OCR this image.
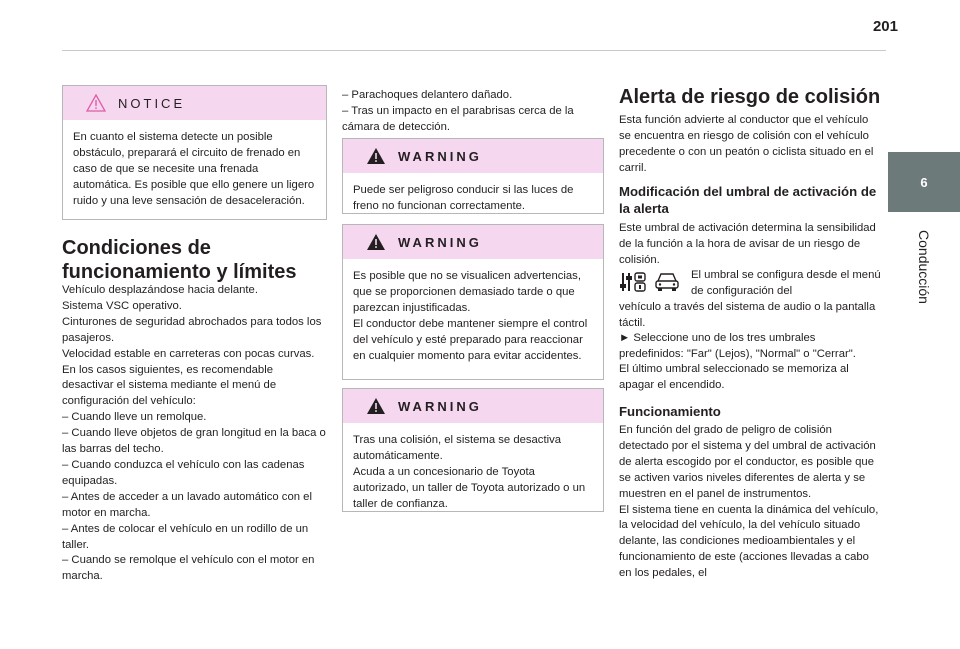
201
6
Conducción
NOTICE

En cuanto el sistema detecte un posible obstáculo, preparará el circuito de frenado en caso de que se necesite una frenada automática. Es posible que ello genere un ligero ruido y una leve sensación de desaceleración.

Condiciones de funcionamiento y límites

Vehículo desplazándose hacia delante.

Sistema VSC operativo.

Cinturones de seguridad abrochados para todos los pasajeros.

Velocidad estable en carreteras con pocas curvas.

En los casos siguientes, es recomendable desactivar el sistema mediante el menú de configuración del vehículo:

– Cuando lleve un remolque.

– Cuando lleve objetos de gran longitud en la baca o las barras del techo.

– Cuando conduzca el vehículo con las cadenas equipadas.

– Antes de acceder a un lavado automático con el motor en marcha.

– Antes de colocar el vehículo en un rodillo de un taller.

– Cuando se remolque el vehículo con el motor en marcha.

– Parachoques delantero dañado.

– Tras un impacto en el parabrisas cerca de la cámara de detección.

WARNING

Puede ser peligroso conducir si las luces de freno no funcionan correctamente.

WARNING

Es posible que no se visualicen advertencias, que se proporcionen demasiado tarde o que parezcan injustificadas.
El conductor debe mantener siempre el control del vehículo y esté preparado para reaccionar en cualquier momento para evitar accidentes.

WARNING

Tras una colisión, el sistema se desactiva automáticamente.
Acuda a un concesionario de Toyota autorizado, un taller de Toyota autorizado o un taller de confianza.

Alerta de riesgo de colisión

Esta función advierte al conductor que el vehículo se encuentra en riesgo de colisión con el vehículo precedente o con un peatón o ciclista situado en el carril.

Modificación del umbral de activación de la alerta

Este umbral de activación determina la sensibilidad de la función a la hora de avisar de un riesgo de colisión.

El umbral se configura desde el menú de configuración del

vehículo a través del sistema de audio o la pantalla táctil.

► Seleccione uno de los tres umbrales predefinidos: "Far" (Lejos), "Normal" o "Cerrar".

El último umbral seleccionado se memoriza al apagar el encendido.

Funcionamiento

En función del grado de peligro de colisión detectado por el sistema y del umbral de activación de alerta escogido por el conductor, es posible que se activen varios niveles diferentes de alerta y se muestren en el panel de instrumentos.

El sistema tiene en cuenta la dinámica del vehículo, la velocidad del vehículo, la del vehículo situado delante, las condiciones medioambientales y el funcionamiento de este (acciones llevadas a cabo en los pedales, el
